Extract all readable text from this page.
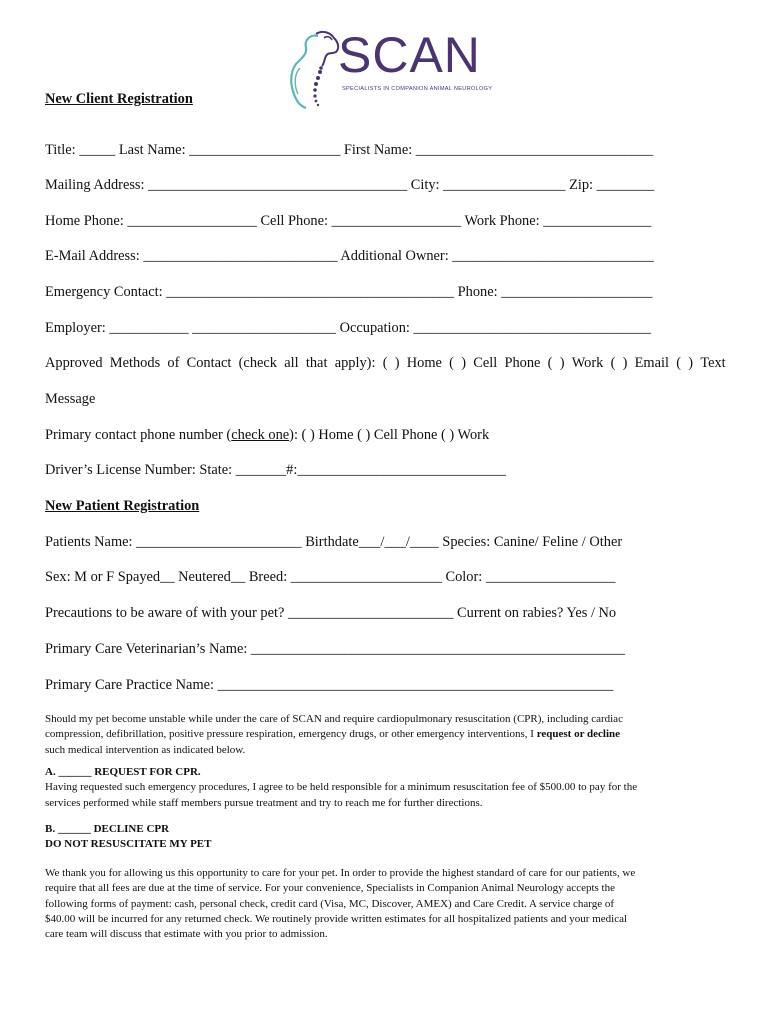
SCAN
SPECIALISTS IN COMPANION ANIMAL NEUROLOGY
New Client Registration
Title: _____ Last Name: _____________________ First Name: _________________________________
Mailing Address: ____________________________________ City: _________________ Zip: ________
Home Phone: __________________ Cell Phone: __________________ Work Phone: _______________
E-Mail Address: ___________________________ Additional Owner: ____________________________
Emergency Contact: ________________________________________ Phone: _____________________
Employer: ___________ ____________________ Occupation: _________________________________
Approved Methods of Contact (check all that apply): ( ) Home ( ) Cell Phone ( ) Work ( ) Email ( ) Text
Message
Primary contact phone number (check one): ( ) Home ( ) Cell Phone ( ) Work
Driver’s License Number: State: _______#:_____________________________
New Patient Registration
Patients Name: _______________________ Birthdate___/___/____ Species: Canine/ Feline / Other
Sex: M or F Spayed__ Neutered__ Breed: _____________________ Color: __________________
Precautions to be aware of with your pet? _______________________ Current on rabies? Yes / No
Primary Care Veterinarian’s Name: ____________________________________________________
Primary Care Practice Name: _______________________________________________________
Should my pet become unstable while under the care of SCAN and require cardiopulmonary resuscitation (CPR), including cardiac
compression, defibrillation, positive pressure respiration, emergency drugs, or other emergency interventions, I request or decline
such medical intervention as indicated below.
A. ______ REQUEST FOR CPR.
Having requested such emergency procedures, I agree to be held responsible for a minimum resuscitation fee of $500.00 to pay for the
services performed while staff members pursue treatment and try to reach me for further directions.
B. ______ DECLINE CPR
DO NOT RESUSCITATE MY PET
We thank you for allowing us this opportunity to care for your pet. In order to provide the highest standard of care for our patients, we
require that all fees are due at the time of service. For your convenience, Specialists in Companion Animal Neurology accepts the
following forms of payment: cash, personal check, credit card (Visa, MC, Discover, AMEX) and Care Credit. A service charge of
$40.00 will be incurred for any returned check. We routinely provide written estimates for all hospitalized patients and your medical
care team will discuss that estimate with you prior to admission.
